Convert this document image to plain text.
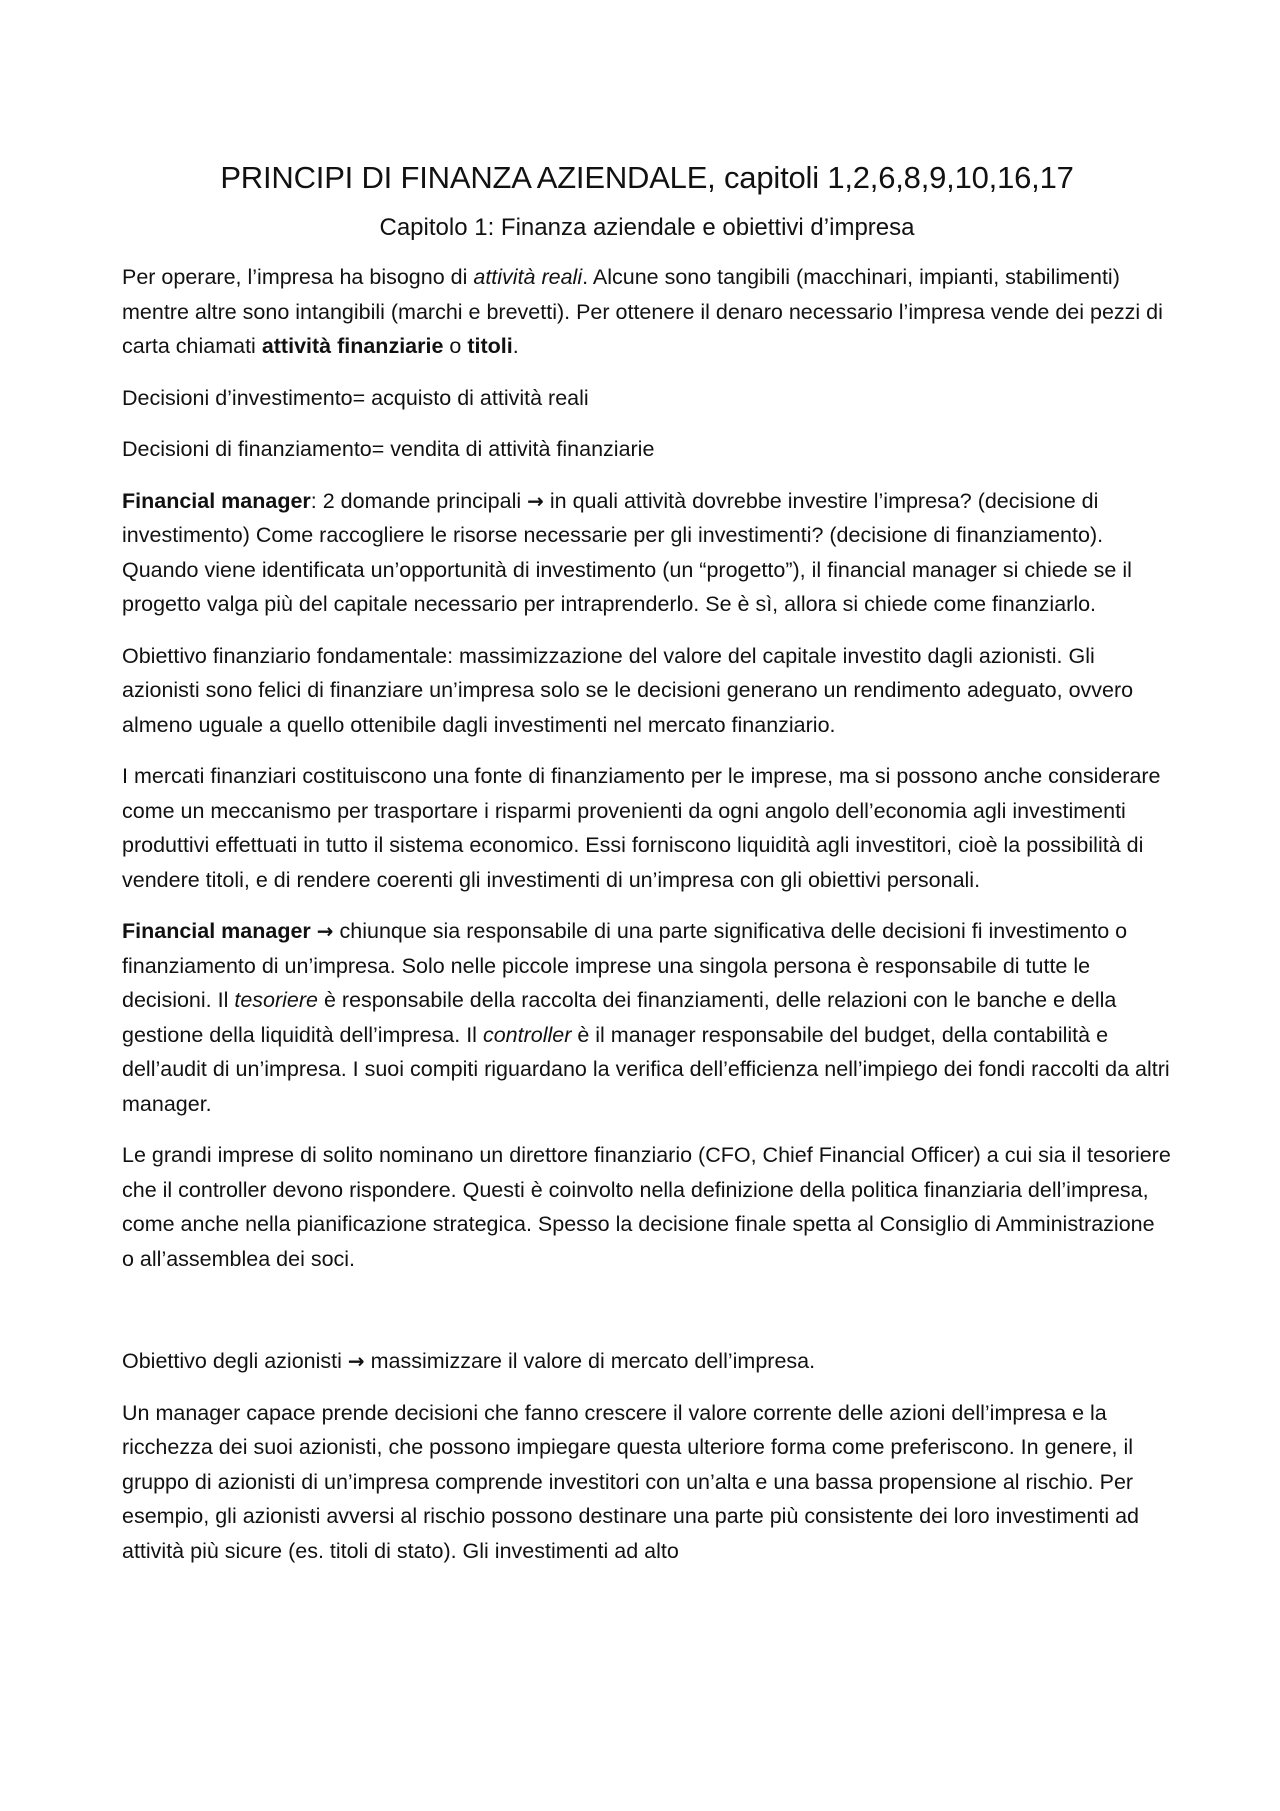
PRINCIPI DI FINANZA AZIENDALE, capitoli 1,2,6,8,9,10,16,17
Capitolo 1: Finanza aziendale e obiettivi d’impresa

Per operare, l’impresa ha bisogno di attività reali. Alcune sono tangibili (macchinari, impianti, stabilimenti) mentre altre sono intangibili (marchi e brevetti). Per ottenere il denaro necessario l’impresa vende dei pezzi di carta chiamati attività finanziarie o titoli.

Decisioni d’investimento= acquisto di attività reali

Decisioni di finanziamento= vendita di attività finanziarie

Financial manager: 2 domande principali → in quali attività dovrebbe investire l’impresa? (decisione di investimento) Come raccogliere le risorse necessarie per gli investimenti? (decisione di finanziamento). Quando viene identificata un’opportunità di investimento (un “progetto”), il financial manager si chiede se il progetto valga più del capitale necessario per intraprenderlo. Se è sì, allora si chiede come finanziarlo.

Obiettivo finanziario fondamentale: massimizzazione del valore del capitale investito dagli azionisti. Gli azionisti sono felici di finanziare un’impresa solo se le decisioni generano un rendimento adeguato, ovvero almeno uguale a quello ottenibile dagli investimenti nel mercato finanziario.

I mercati finanziari costituiscono una fonte di finanziamento per le imprese, ma si possono anche considerare come un meccanismo per trasportare i risparmi provenienti da ogni angolo dell’economia agli investimenti produttivi effettuati in tutto il sistema economico. Essi forniscono liquidità agli investitori, cioè la possibilità di vendere titoli, e di rendere coerenti gli investimenti di un’impresa con gli obiettivi personali.

Financial manager → chiunque sia responsabile di una parte significativa delle decisioni fi investimento o finanziamento di un’impresa. Solo nelle piccole imprese una singola persona è responsabile di tutte le decisioni. Il tesoriere è responsabile della raccolta dei finanziamenti, delle relazioni con le banche e della gestione della liquidità dell’impresa. Il controller è il manager responsabile del budget, della contabilità e dell’audit di un’impresa. I suoi compiti riguardano la verifica dell’efficienza nell’impiego dei fondi raccolti da altri manager.

Le grandi imprese di solito nominano un direttore finanziario (CFO, Chief Financial Officer) a cui sia il tesoriere che il controller devono rispondere. Questi è coinvolto nella definizione della politica finanziaria dell’impresa, come anche nella pianificazione strategica. Spesso la decisione finale spetta al Consiglio di Amministrazione o all’assemblea dei soci.

Obiettivo degli azionisti → massimizzare il valore di mercato dell’impresa.

Un manager capace prende decisioni che fanno crescere il valore corrente delle azioni dell’impresa e la ricchezza dei suoi azionisti, che possono impiegare questa ulteriore forma come preferiscono. In genere, il gruppo di azionisti di un’impresa comprende investitori con un’alta e una bassa propensione al rischio. Per esempio, gli azionisti avversi al rischio possono destinare una parte più consistente dei loro investimenti ad attività più sicure (es. titoli di stato). Gli investimenti ad alto
